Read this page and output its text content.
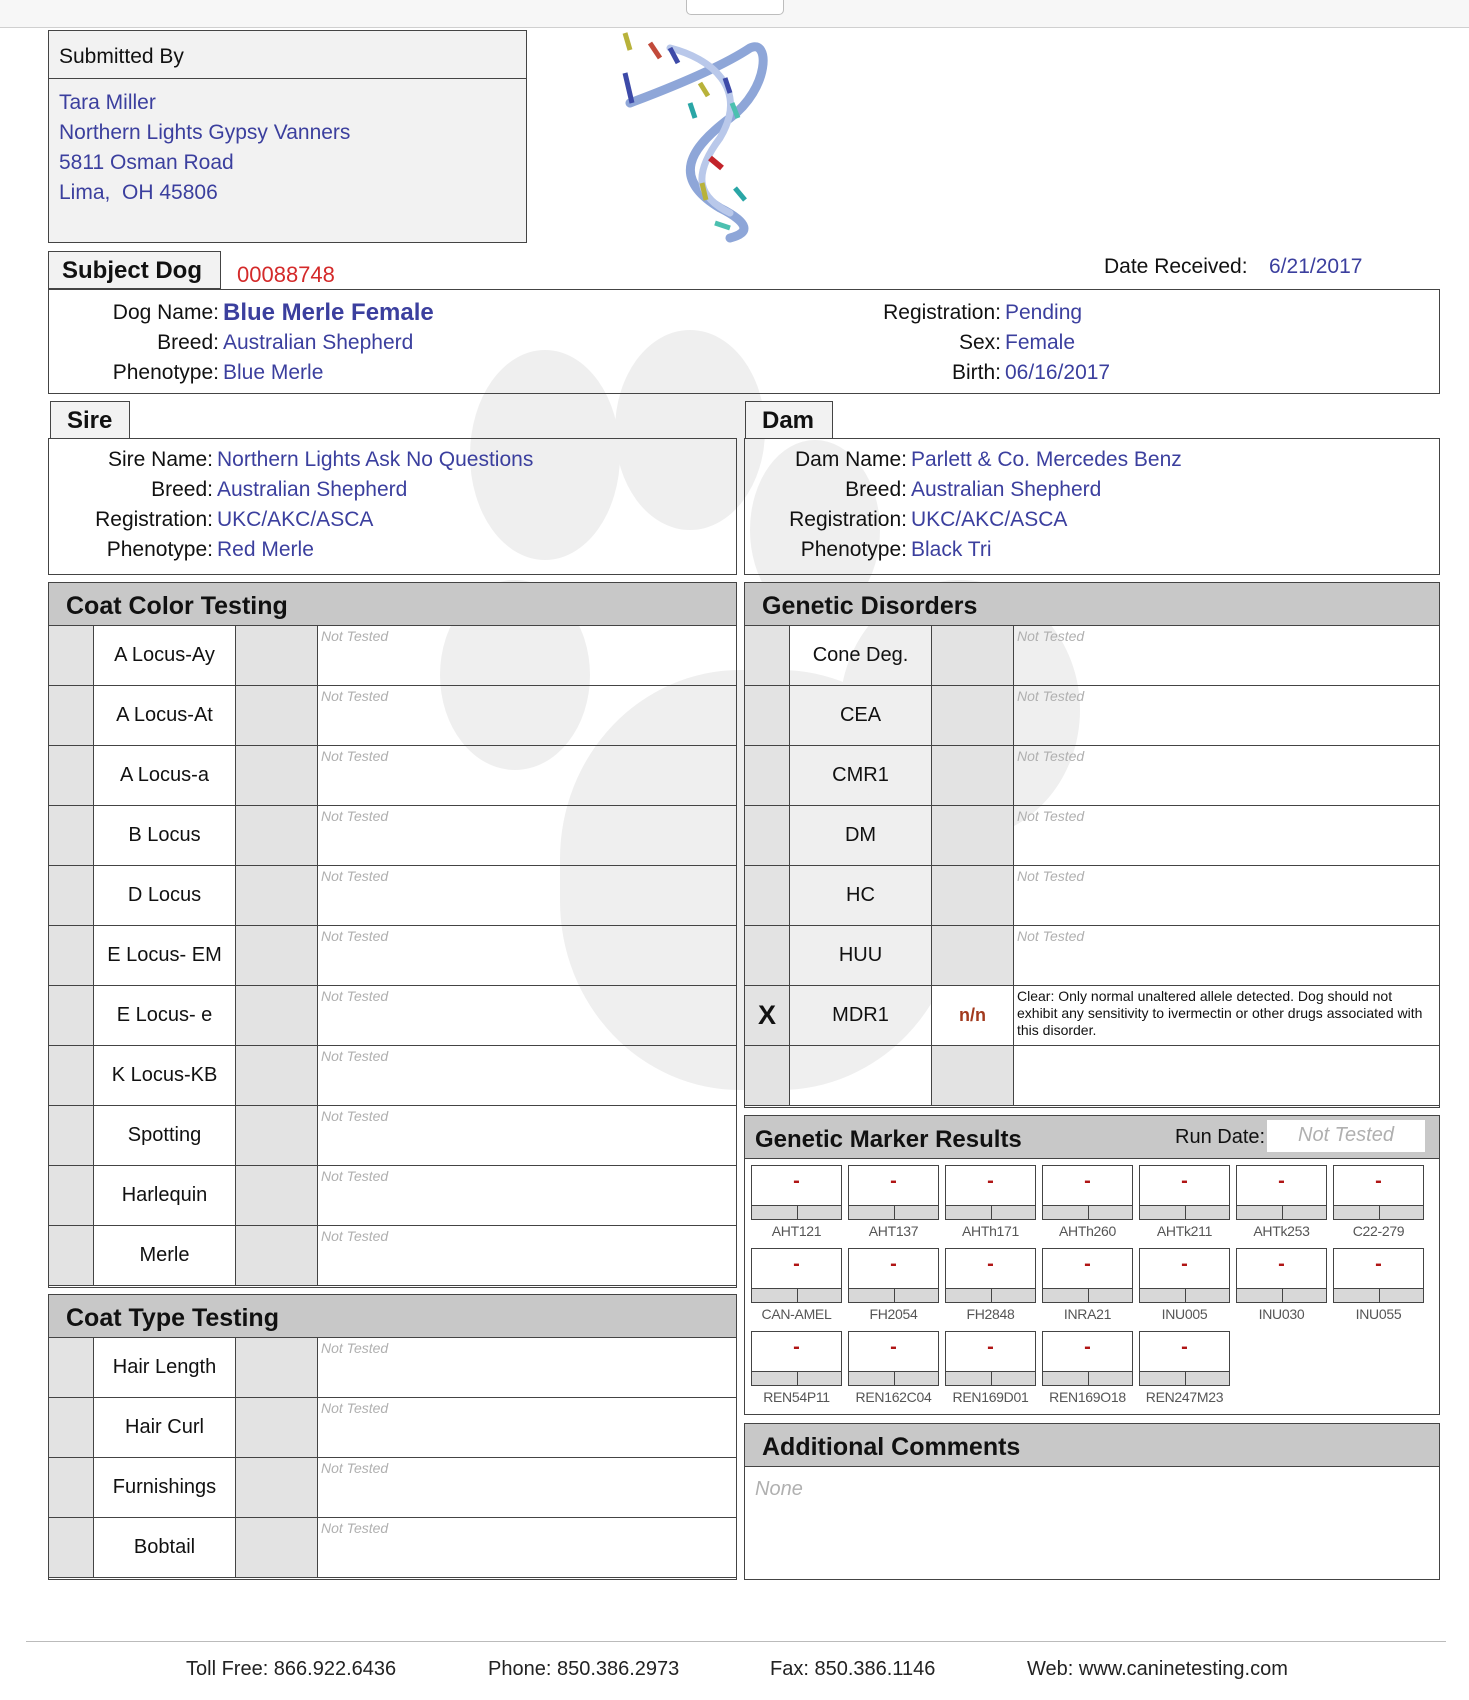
Submitted By
Tara Miller
Northern Lights Gypsy Vanners
5811 Osman Road
Lima,  OH 45806
Subject Dog	00088748	Date Received: 6/21/2017
Dog Name: Blue Merle Female
Breed: Australian Shepherd
Phenotype: Blue Merle
Registration: Pending
Sex: Female
Birth: 06/16/2017
Sire
Sire Name: Northern Lights Ask No Questions
Breed: Australian Shepherd
Registration: UKC/AKC/ASCA
Phenotype: Red Merle
Dam
Dam Name: Parlett & Co. Mercedes Benz
Breed: Australian Shepherd
Registration: UKC/AKC/ASCA
Phenotype: Black Tri
Coat Color Testing
A Locus-Ay
Not Tested
A Locus-At
Not Tested
A Locus-a
Not Tested
B Locus
Not Tested
D Locus
Not Tested
E Locus- EM
Not Tested
E Locus- e
Not Tested
K Locus-KB
Not Tested
Spotting
Not Tested
Harlequin
Not Tested
Merle
Not Tested
Coat Type Testing
Hair Length
Not Tested
Hair Curl
Not Tested
Furnishings
Not Tested
Bobtail
Not Tested
Genetic Disorders
Cone Deg.
Not Tested
CEA
Not Tested
CMR1
Not Tested
DM
Not Tested
HC
Not Tested
HUU
Not Tested
X	MDR1	n/n
Clear: Only normal unaltered allele detected. Dog should not exhibit any sensitivity to ivermectin or other drugs associated with this disorder.
Genetic Marker Results	Run Date:	Not Tested
-
AHT121
-
AHT137
-
AHTh171
-
AHTh260
-
AHTk211
-
AHTk253
-
C22-279
-
CAN-AMEL
-
FH2054
-
FH2848
-
INRA21
-
INU005
-
INU030
-
INU055
-
REN54P11
-
REN162C04
-
REN169D01
-
REN169O18
-
REN247M23
Additional Comments
None
Toll Free: 866.922.6436	Phone: 850.386.2973	Fax: 850.386.1146	Web: www.caninetesting.com
